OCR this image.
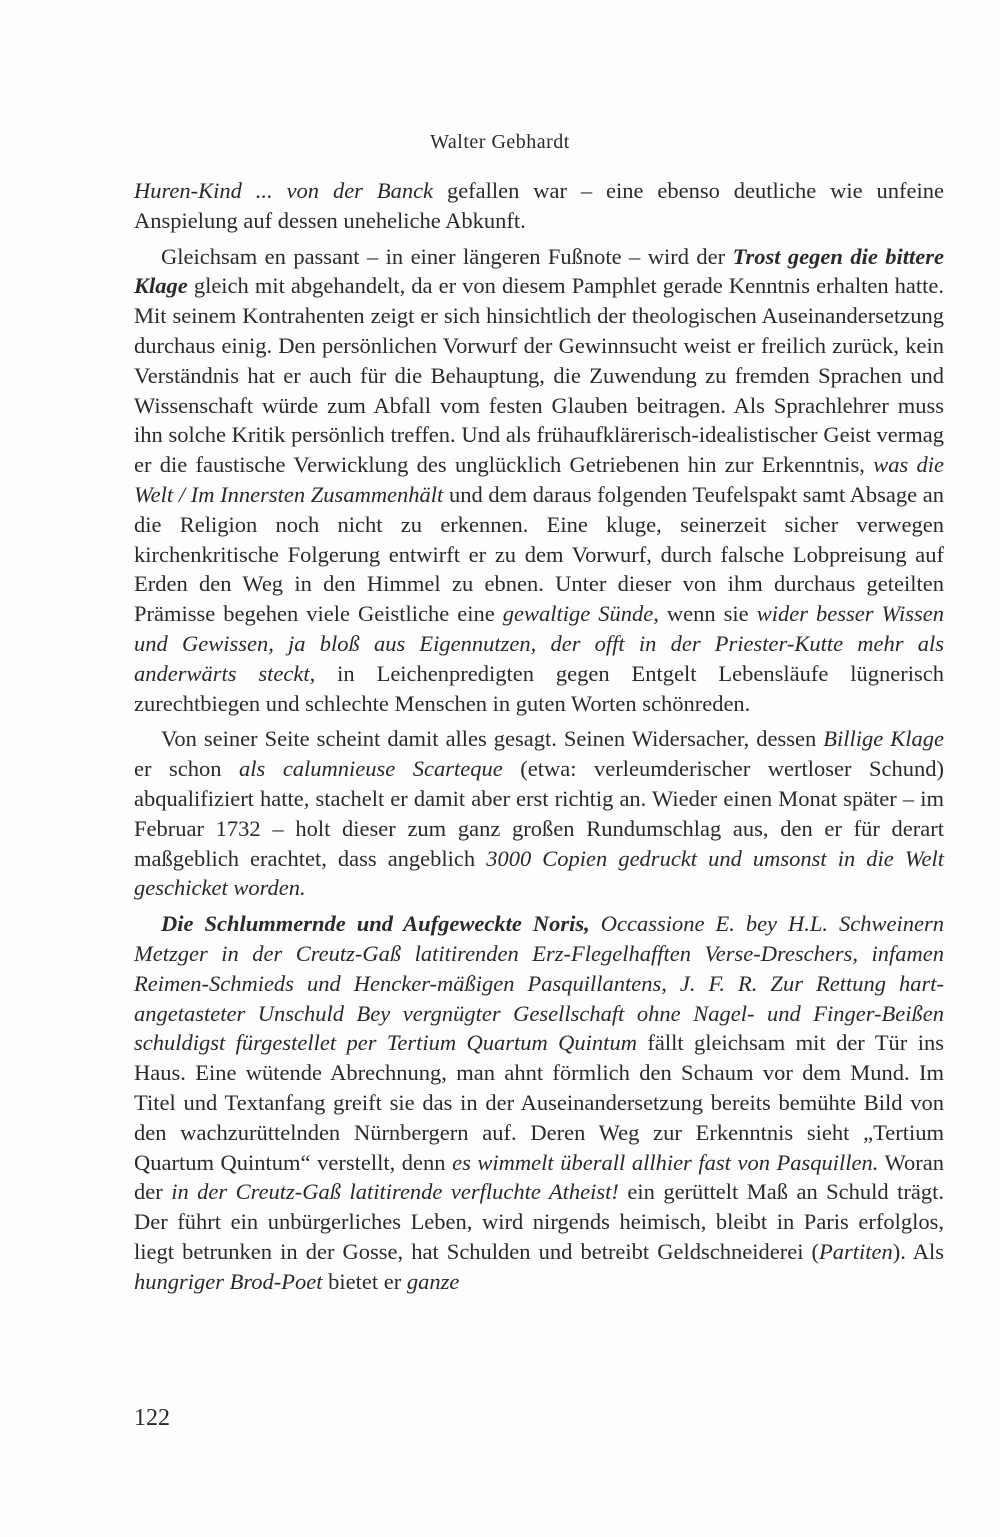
Walter Gebhardt

Huren-Kind ... von der Banck gefallen war – eine ebenso deutliche wie unfeine Anspielung auf dessen uneheliche Abkunft.

Gleichsam en passant – in einer längeren Fußnote – wird der Trost gegen die bittere Klage gleich mit abgehandelt, da er von diesem Pamphlet gerade Kenntnis erhalten hatte. Mit seinem Kontrahenten zeigt er sich hinsichtlich der theologischen Auseinandersetzung durchaus einig. Den persönlichen Vorwurf der Gewinnsucht weist er freilich zurück, kein Verständnis hat er auch für die Behauptung, die Zuwendung zu fremden Sprachen und Wissenschaft würde zum Abfall vom festen Glauben beitragen. Als Sprachlehrer muss ihn solche Kritik persönlich treffen. Und als frühaufklärerisch-idealistischer Geist vermag er die faustische Verwicklung des unglücklich Getriebenen hin zur Erkenntnis, was die Welt / Im Innersten Zusammenhält und dem daraus folgenden Teufelspakt samt Absage an die Religion noch nicht zu erkennen. Eine kluge, seinerzeit sicher verwegen kirchenkritische Folgerung entwirft er zu dem Vorwurf, durch falsche Lobpreisung auf Erden den Weg in den Himmel zu ebnen. Unter dieser von ihm durchaus geteilten Prämisse begehen viele Geistliche eine gewaltige Sünde, wenn sie wider besser Wissen und Gewissen, ja bloß aus Eigennutzen, der offt in der Priester-Kutte mehr als anderwärts steckt, in Leichenpredigten gegen Entgelt Lebensläufe lügnerisch zurechtbiegen und schlechte Menschen in guten Worten schönreden.

Von seiner Seite scheint damit alles gesagt. Seinen Widersacher, dessen Billige Klage er schon als calumnieuse Scarteque (etwa: verleumderischer wertloser Schund) abqualifiziert hatte, stachelt er damit aber erst richtig an. Wieder einen Monat später – im Februar 1732 – holt dieser zum ganz großen Rundumschlag aus, den er für derart maßgeblich erachtet, dass angeblich 3000 Copien gedruckt und umsonst in die Welt geschicket worden.

Die Schlummernde und Aufgeweckte Noris, Occassione E. bey H.L. Schweinern Metzger in der Creutz-Gaß latitirenden Erz-Flegelhafften Verse-Dreschers, infamen Reimen-Schmieds und Hencker-mäßigen Pasquillantens, J. F. R. Zur Rettung hart-angetasteter Unschuld Bey vergnügter Gesellschaft ohne Nagel- und Finger-Beißen schuldigst fürgestellet per Tertium Quartum Quintum fällt gleichsam mit der Tür ins Haus. Eine wütende Abrechnung, man ahnt förmlich den Schaum vor dem Mund. Im Titel und Textanfang greift sie das in der Auseinandersetzung bereits bemühte Bild von den wachzurüttelnden Nürnbergern auf. Deren Weg zur Erkenntnis sieht „Tertium Quartum Quintum“ verstellt, denn es wimmelt überall allhier fast von Pasquillen. Woran der in der Creutz-Gaß latitirende verfluchte Atheist! ein gerüttelt Maß an Schuld trägt. Der führt ein unbürgerliches Leben, wird nirgends heimisch, bleibt in Paris erfolglos, liegt betrunken in der Gosse, hat Schulden und betreibt Geldschneiderei (Partiten). Als hungriger Brod-Poet bietet er ganze

122
